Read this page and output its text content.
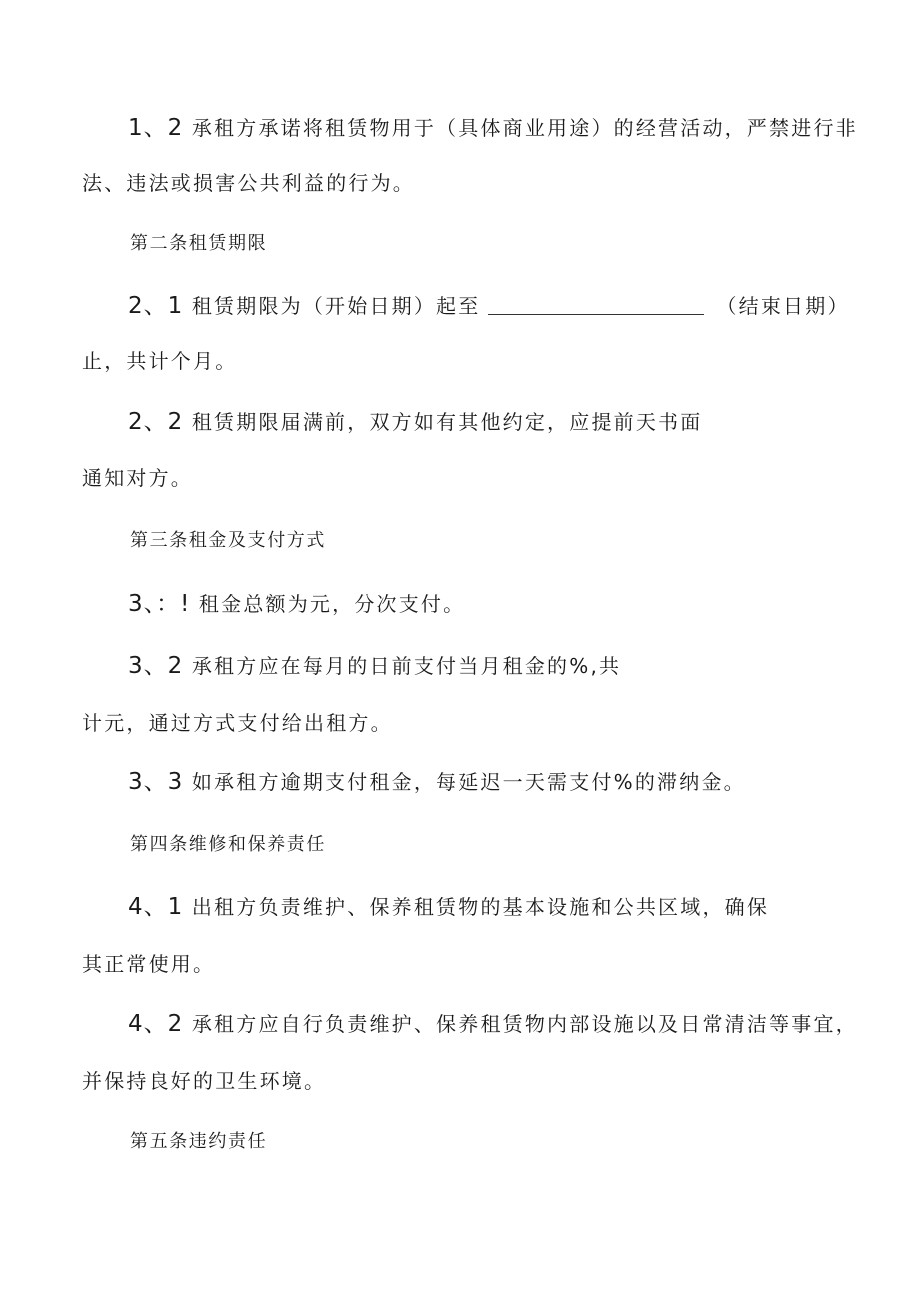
1、2 承租方承诺将租赁物用于（具体商业用途）的经营活动，严禁进行非

法、违法或损害公共利益的行为。

第二条租赁期限

2、1 租赁期限为（开始日期）起至	（结束日期）

止，共计个月。

2、2 租赁期限届满前，双方如有其他约定，应提前天书面

通知对方。

第三条租金及支付方式

3、：! 租金总额为元，分次支付。

3、2 承租方应在每月的日前支付当月租金的%,共

计元，通过方式支付给出租方。

3、3 如承租方逾期支付租金，每延迟一天需支付%的滞纳金。

第四条维修和保养责任

4、1 出租方负责维护、保养租赁物的基本设施和公共区域，确保

其正常使用。

4、2 承租方应自行负责维护、保养租赁物内部设施以及日常清洁等事宜，

并保持良好的卫生环境。

第五条违约责任
